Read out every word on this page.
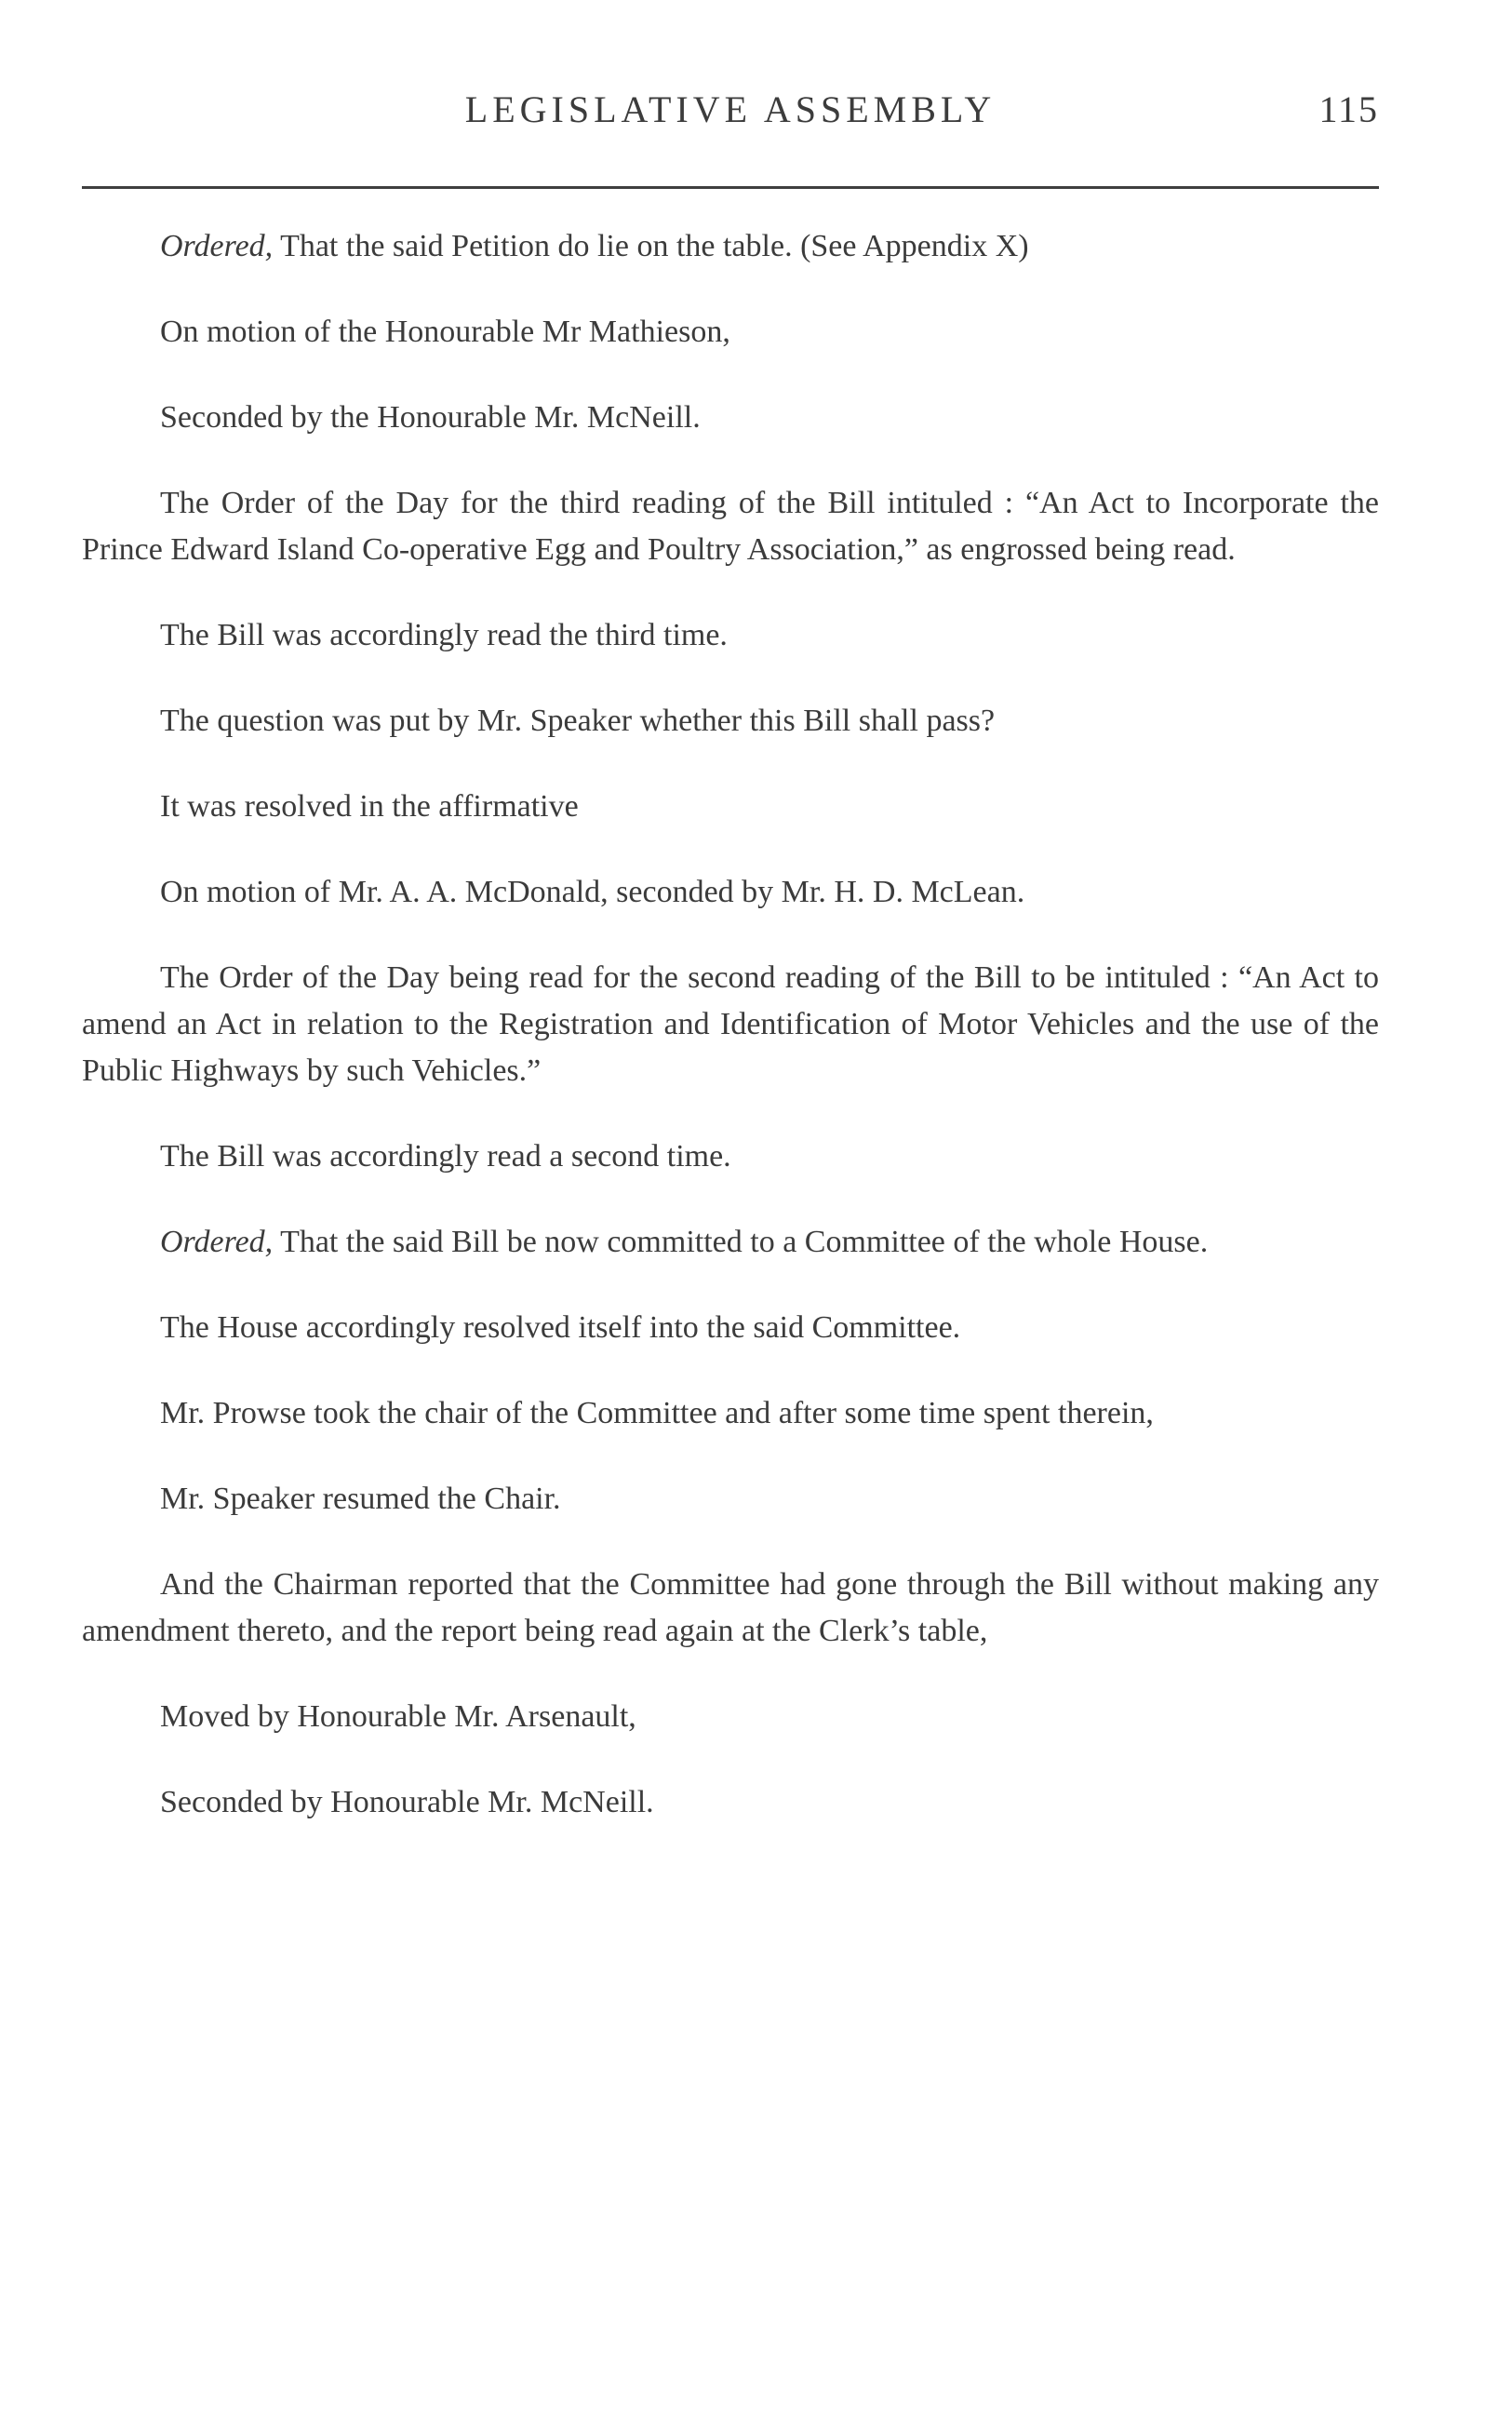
LEGISLATIVE ASSEMBLY	115

Ordered, That the said Petition do lie on the table. (See Appendix X)

On motion of the Honourable Mr Mathieson,

Seconded by the Honourable Mr. McNeill.

The Order of the Day for the third reading of the Bill intituled : “An Act to Incorporate the Prince Edward Island Co-operative Egg and Poultry Association,” as engrossed being read.

The Bill was accordingly read the third time.

The question was put by Mr. Speaker whether this Bill shall pass?

It was resolved in the affirmative

On motion of Mr. A. A. McDonald, seconded by Mr. H. D. McLean.

The Order of the Day being read for the second reading of the Bill to be intituled : “An Act to amend an Act in relation to the Registration and Identification of Motor Vehicles and the use of the Public Highways by such Vehicles.”

The Bill was accordingly read a second time.

Ordered, That the said Bill be now committed to a Committee of the whole House.

The House accordingly resolved itself into the said Committee.

Mr. Prowse took the chair of the Committee and after some time spent therein,

Mr. Speaker resumed the Chair.

And the Chairman reported that the Committee had gone through the Bill without making any amendment thereto, and the report being read again at the Clerk’s table,

Moved by Honourable Mr. Arsenault,

Seconded by Honourable Mr. McNeill.
